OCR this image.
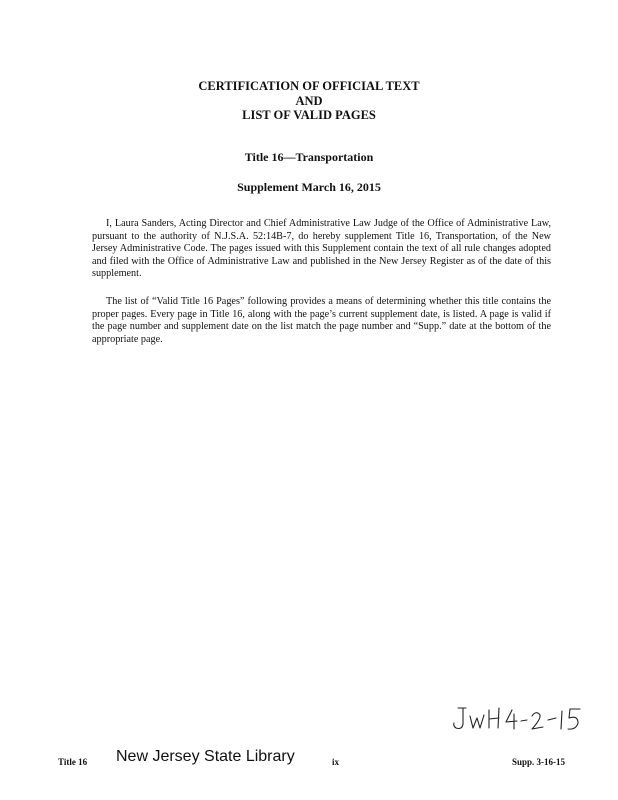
CERTIFICATION OF OFFICIAL TEXT
AND
LIST OF VALID PAGES
Title 16—Transportation
Supplement March 16, 2015

I, Laura Sanders, Acting Director and Chief Administrative Law Judge of the Office of Administrative Law, pursuant to the authority of N.J.S.A. 52:14B-7, do hereby supplement Title 16, Transportation, of the New Jersey Administrative Code. The pages issued with this Supplement contain the text of all rule changes adopted and filed with the Office of Administrative Law and published in the New Jersey Register as of the date of this supplement.

The list of “Valid Title 16 Pages” following provides a means of determining whether this title contains the proper pages. Every page in Title 16, along with the page’s current supplement date, is listed. A page is valid if the page number and supplement date on the list match the page number and “Supp.” date at the bottom of the appropriate page.

Title 16 New Jersey State Library	ix	Supp. 3-16-15
